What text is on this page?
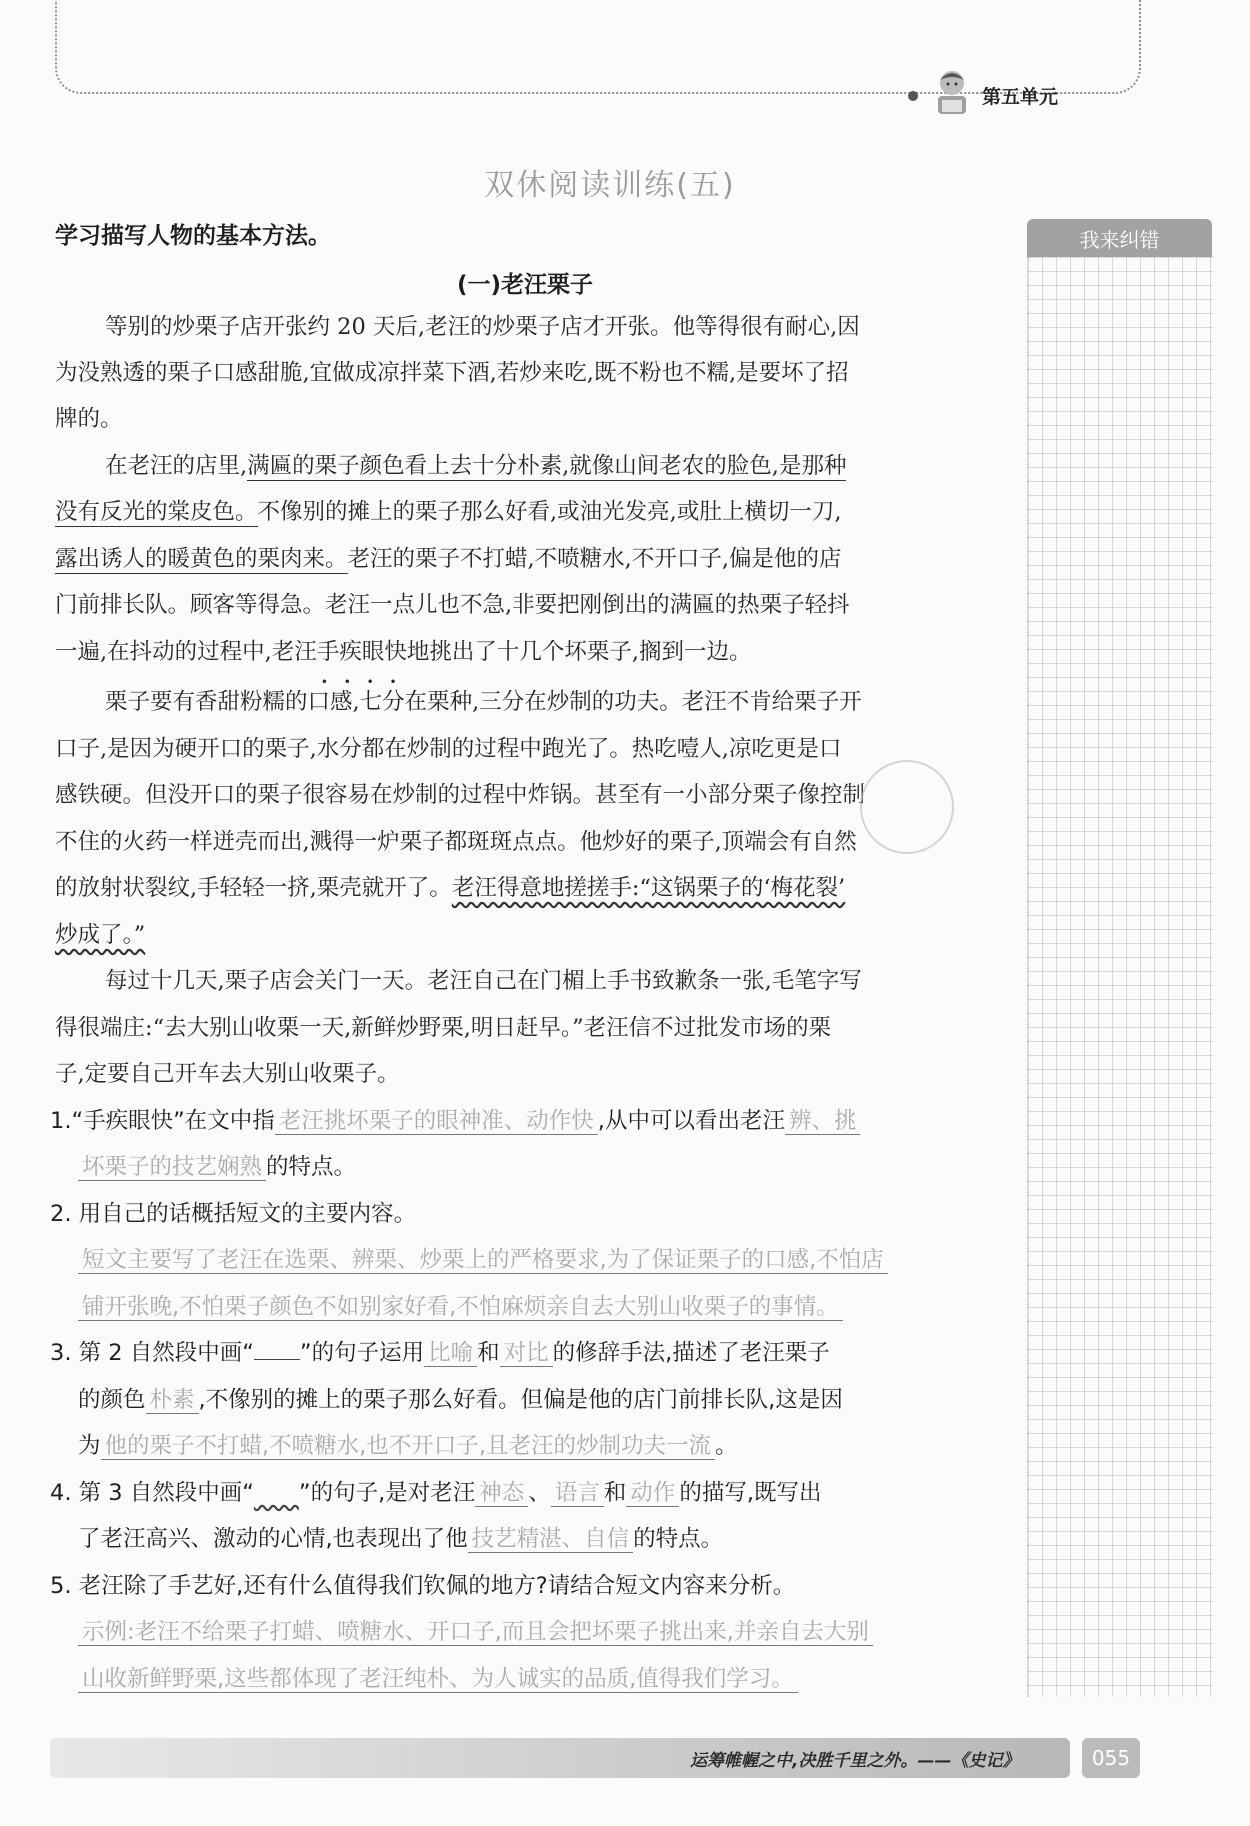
第五单元
双休阅读训练(五)
学习描写人物的基本方法。	我来纠错
(一)老汪栗子
等别的炒栗子店开张约 20 天后,老汪的炒栗子店才开张。他等得很有耐心,因
为没熟透的栗子口感甜脆,宜做成凉拌菜下酒,若炒来吃,既不粉也不糯,是要坏了招
牌的。
在老汪的店里,满匾的栗子颜色看上去十分朴素,就像山间老农的脸色,是那种
没有反光的棠皮色。不像别的摊上的栗子那么好看,或油光发亮,或肚上横切一刀,
露出诱人的暖黄色的栗肉来。老汪的栗子不打蜡,不喷糖水,不开口子,偏是他的店
门前排长队。顾客等得急。老汪一点儿也不急,非要把刚倒出的满匾的热栗子轻抖
一遍,在抖动的过程中,老汪手疾眼快 • • • •地挑出了十几个坏栗子,搁到一边。
栗子要有香甜粉糯的口感,七分在栗种,三分在炒制的功夫。老汪不肯给栗子开
口子,是因为硬开口的栗子,水分都在炒制的过程中跑光了。热吃噎人,凉吃更是口
感铁硬。但没开口的栗子很容易在炒制的过程中炸锅。甚至有一小部分栗子像控制
不住的火药一样迸壳而出,溅得一炉栗子都斑斑点点。他炒好的栗子,顶端会有自然
的放射状裂纹,手轻轻一挤,栗壳就开了。老汪得意地搓搓手:“这锅栗子的‘梅花裂’
炒成了。”
每过十几天,栗子店会关门一天。老汪自己在门楣上手书致歉条一张,毛笔字写
得很端庄:“去大别山收栗一天,新鲜炒野栗,明日赶早。”老汪信不过批发市场的栗
子,定要自己开车去大别山收栗子。
1.“手疾眼快”在文中指 老汪挑坏栗子的眼神准、动作快 ,从中可以看出老汪 辨、挑
坏栗子的技艺娴熟 的特点。
2. 用自己的话概括短文的主要内容。
短文主要写了老汪在选栗、辨栗、炒栗上的严格要求,为了保证栗子的口感,不怕店
铺开张晚,不怕栗子颜色不如别家好看,不怕麻烦亲自去大别山收栗子的事情。
3. 第 2 自然段中画“ ”的句子运用 比喻 和 对比 的修辞手法,描述了老汪栗子
的颜色 朴素 ,不像别的摊上的栗子那么好看。但偏是他的店门前排长队,这是因
为 他的栗子不打蜡,不喷糖水,也不开口子,且老汪的炒制功夫一流 。
4. 第 3 自然段中画“　　 ”的句子,是对老汪 神态 、 语言 和 动作 的描写,既写出
了老汪高兴、激动的心情,也表现出了他 技艺精湛、自信 的特点。
5. 老汪除了手艺好,还有什么值得我们钦佩的地方?请结合短文内容来分析。
示例:老汪不给栗子打蜡、喷糖水、开口子,而且会把坏栗子挑出来,并亲自去大别
山收新鲜野栗,这些都体现了老汪纯朴、为人诚实的品质,值得我们学习。
运筹帷幄之中,决胜千里之外。——《史记》	055
